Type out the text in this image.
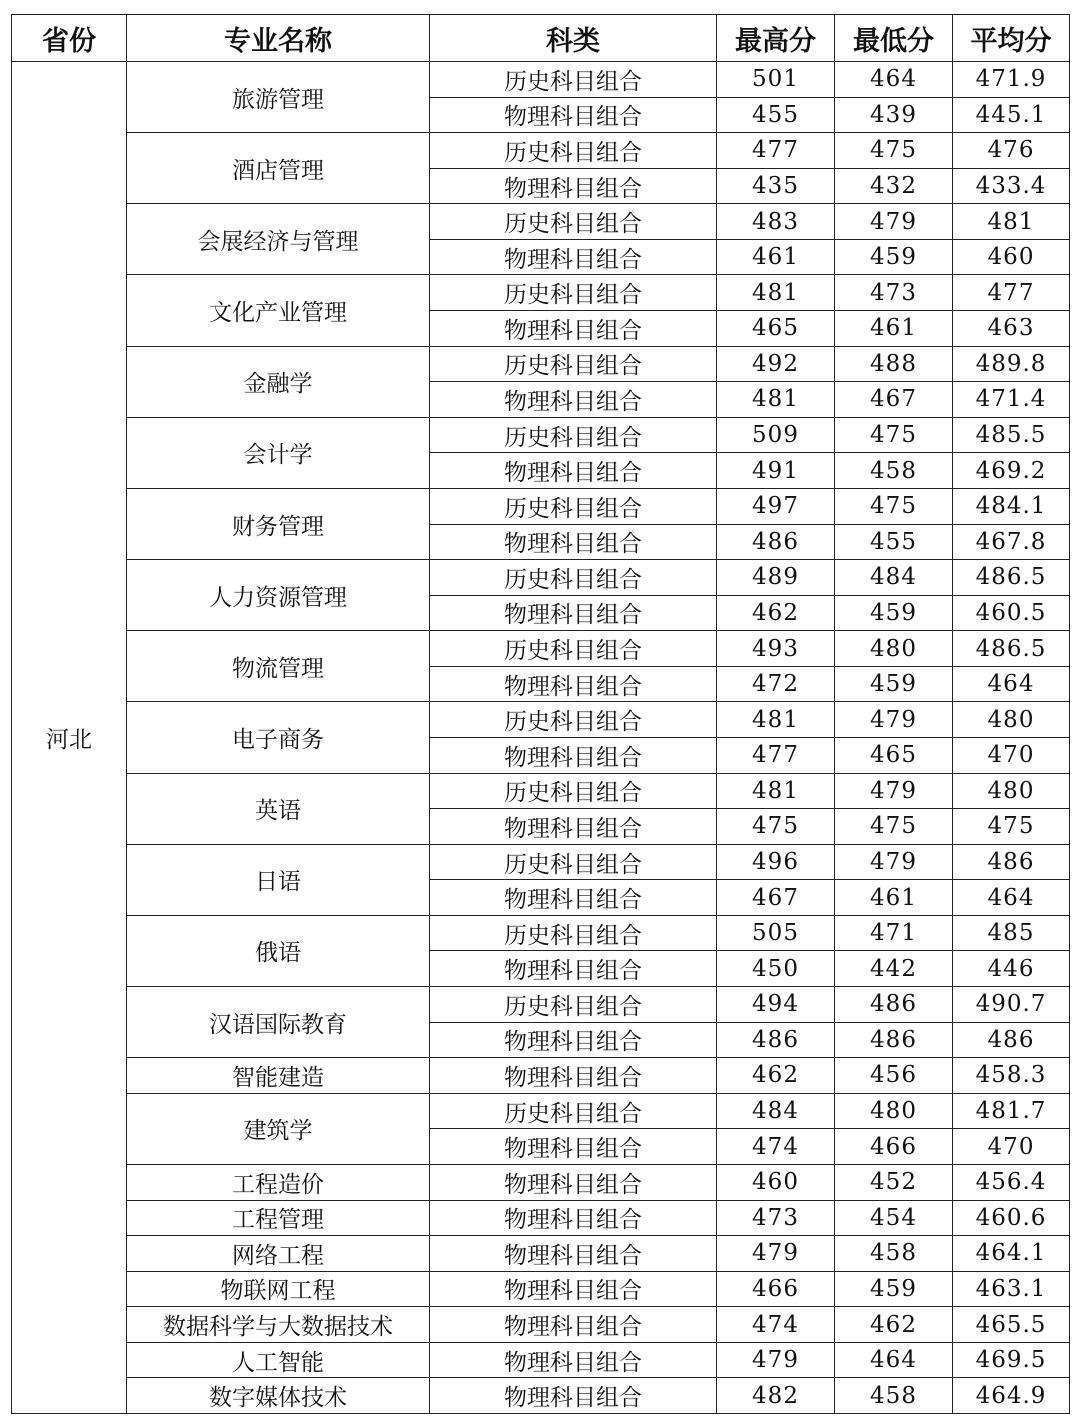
省份	专业名称	科类	最高分	最低分	平均分
河北	旅游管理	历史科目组合	501	464	471.9
		物理科目组合	455	439	445.1
	酒店管理	历史科目组合	477	475	476
		物理科目组合	435	432	433.4
	会展经济与管理	历史科目组合	483	479	481
		物理科目组合	461	459	460
	文化产业管理	历史科目组合	481	473	477
		物理科目组合	465	461	463
	金融学	历史科目组合	492	488	489.8
		物理科目组合	481	467	471.4
	会计学	历史科目组合	509	475	485.5
		物理科目组合	491	458	469.2
	财务管理	历史科目组合	497	475	484.1
		物理科目组合	486	455	467.8
	人力资源管理	历史科目组合	489	484	486.5
		物理科目组合	462	459	460.5
	物流管理	历史科目组合	493	480	486.5
		物理科目组合	472	459	464
	电子商务	历史科目组合	481	479	480
		物理科目组合	477	465	470
	英语	历史科目组合	481	479	480
		物理科目组合	475	475	475
	日语	历史科目组合	496	479	486
		物理科目组合	467	461	464
	俄语	历史科目组合	505	471	485
		物理科目组合	450	442	446
	汉语国际教育	历史科目组合	494	486	490.7
		物理科目组合	486	486	486
	智能建造	物理科目组合	462	456	458.3
	建筑学	历史科目组合	484	480	481.7
		物理科目组合	474	466	470
	工程造价	物理科目组合	460	452	456.4
	工程管理	物理科目组合	473	454	460.6
	网络工程	物理科目组合	479	458	464.1
	物联网工程	物理科目组合	466	459	463.1
	数据科学与大数据技术	物理科目组合	474	462	465.5
	人工智能	物理科目组合	479	464	469.5
	数字媒体技术	物理科目组合	482	458	464.9
